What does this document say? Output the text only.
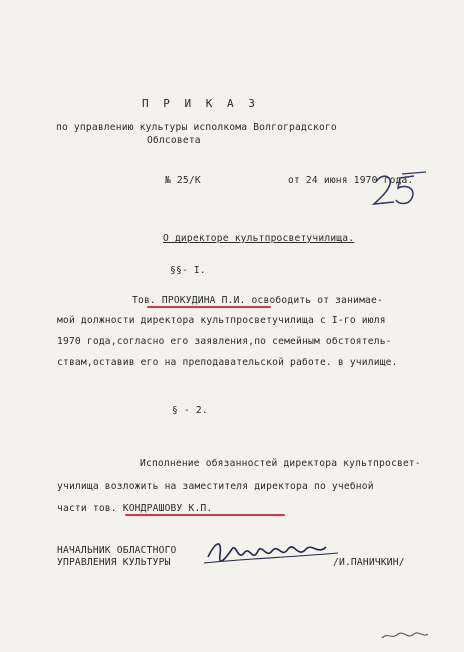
П Р И К А З
по управлению культуры исполкома Волгоградского
Облсовета
№ 25/К	от 24 июня 1970 года.
О директоре культпросветучилища.
§§- I.
Тов. ПРОКУДИНА П.И. освободить от занимае-
мой должности директора культпросветучилища с I-го июля
1970 года,согласно его заявления,по семейным обстоятель-
ствам,оставив его на преподавательской работе. в училище.
§ - 2.
Исполнение обязанностей директора культпросвет-
училища возложить на заместителя директора по учебной
части тов. КОНДРАШОВУ К.П.
НАЧАЛЬНИК ОБЛАСТНОГО
УПРАВЛЕНИЯ КУЛЬТУРЫ	/И.ПАНИЧКИН/
